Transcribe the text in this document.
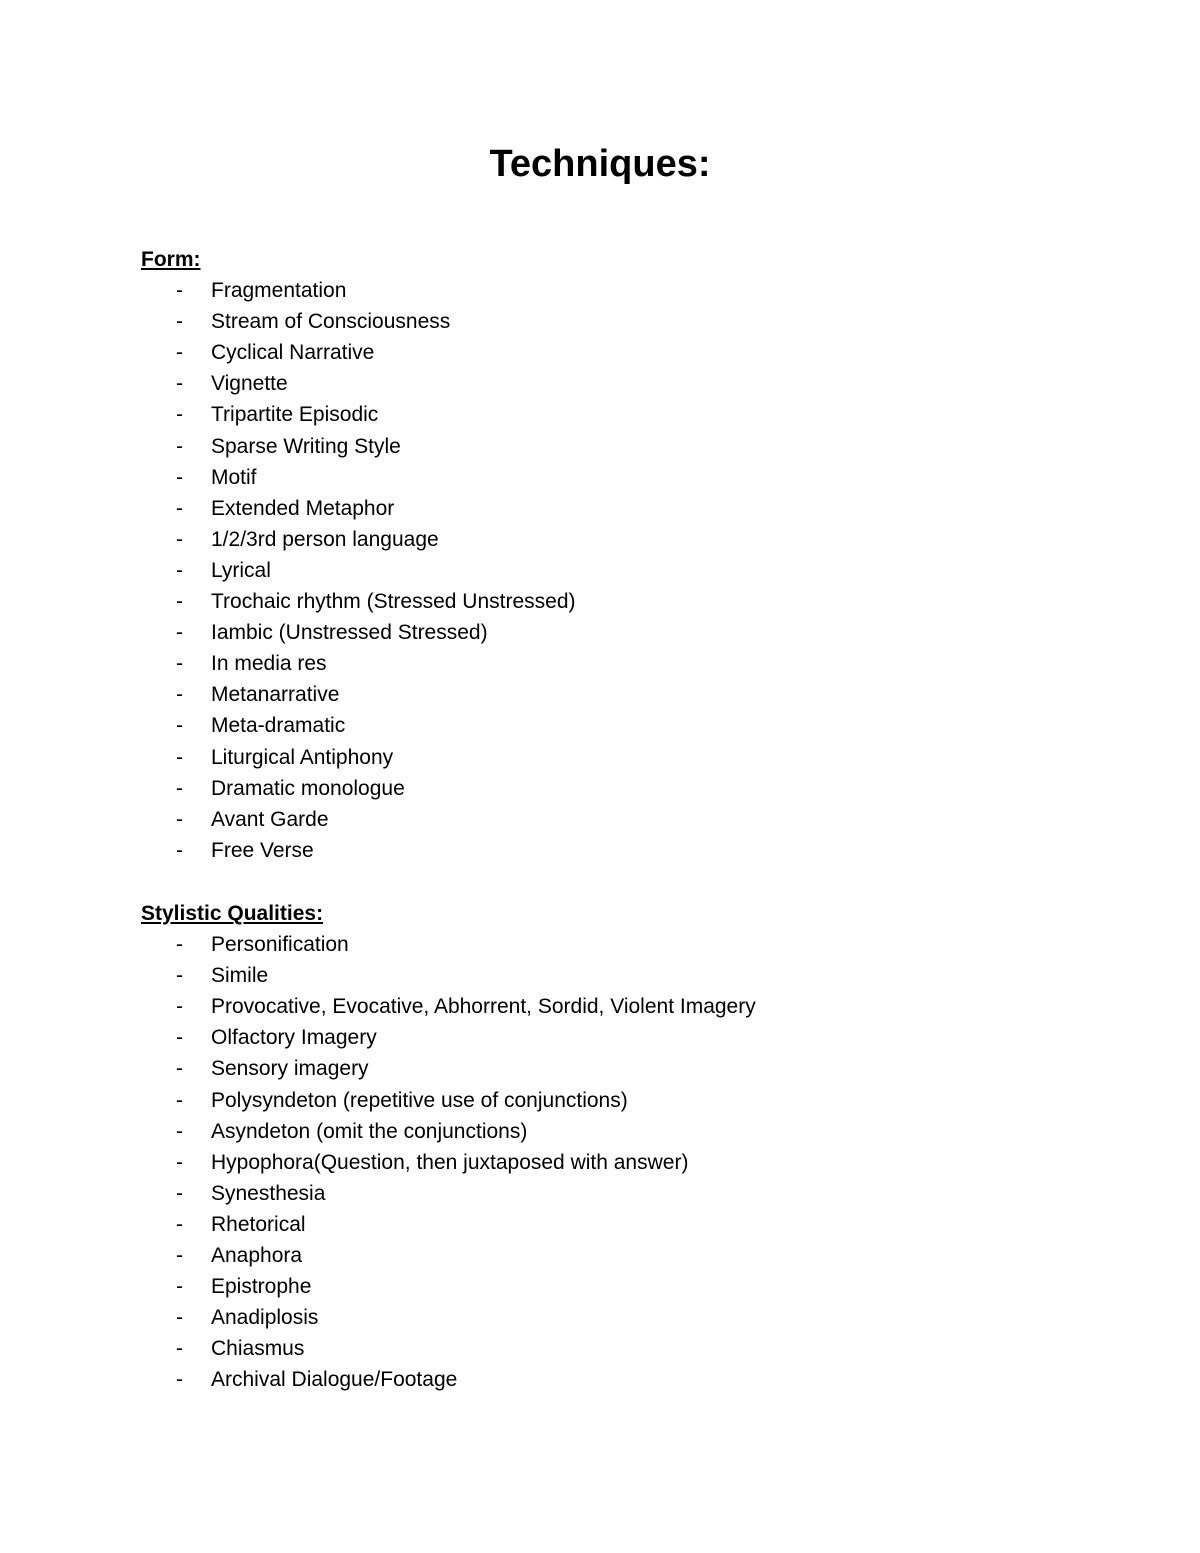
Techniques:
Form:
- Fragmentation
- Stream of Consciousness
- Cyclical Narrative
- Vignette
- Tripartite Episodic
- Sparse Writing Style
- Motif
- Extended Metaphor
- 1/2/3rd person language
- Lyrical
- Trochaic rhythm (Stressed Unstressed)
- Iambic (Unstressed Stressed)
- In media res
- Metanarrative
- Meta-dramatic
- Liturgical Antiphony
- Dramatic monologue
- Avant Garde
- Free Verse
Stylistic Qualities:
- Personification
- Simile
- Provocative, Evocative, Abhorrent, Sordid, Violent Imagery
- Olfactory Imagery
- Sensory imagery
- Polysyndeton (repetitive use of conjunctions)
- Asyndeton (omit the conjunctions)
- Hypophora(Question, then juxtaposed with answer)
- Synesthesia
- Rhetorical
- Anaphora
- Epistrophe
- Anadiplosis
- Chiasmus
- Archival Dialogue/Footage
